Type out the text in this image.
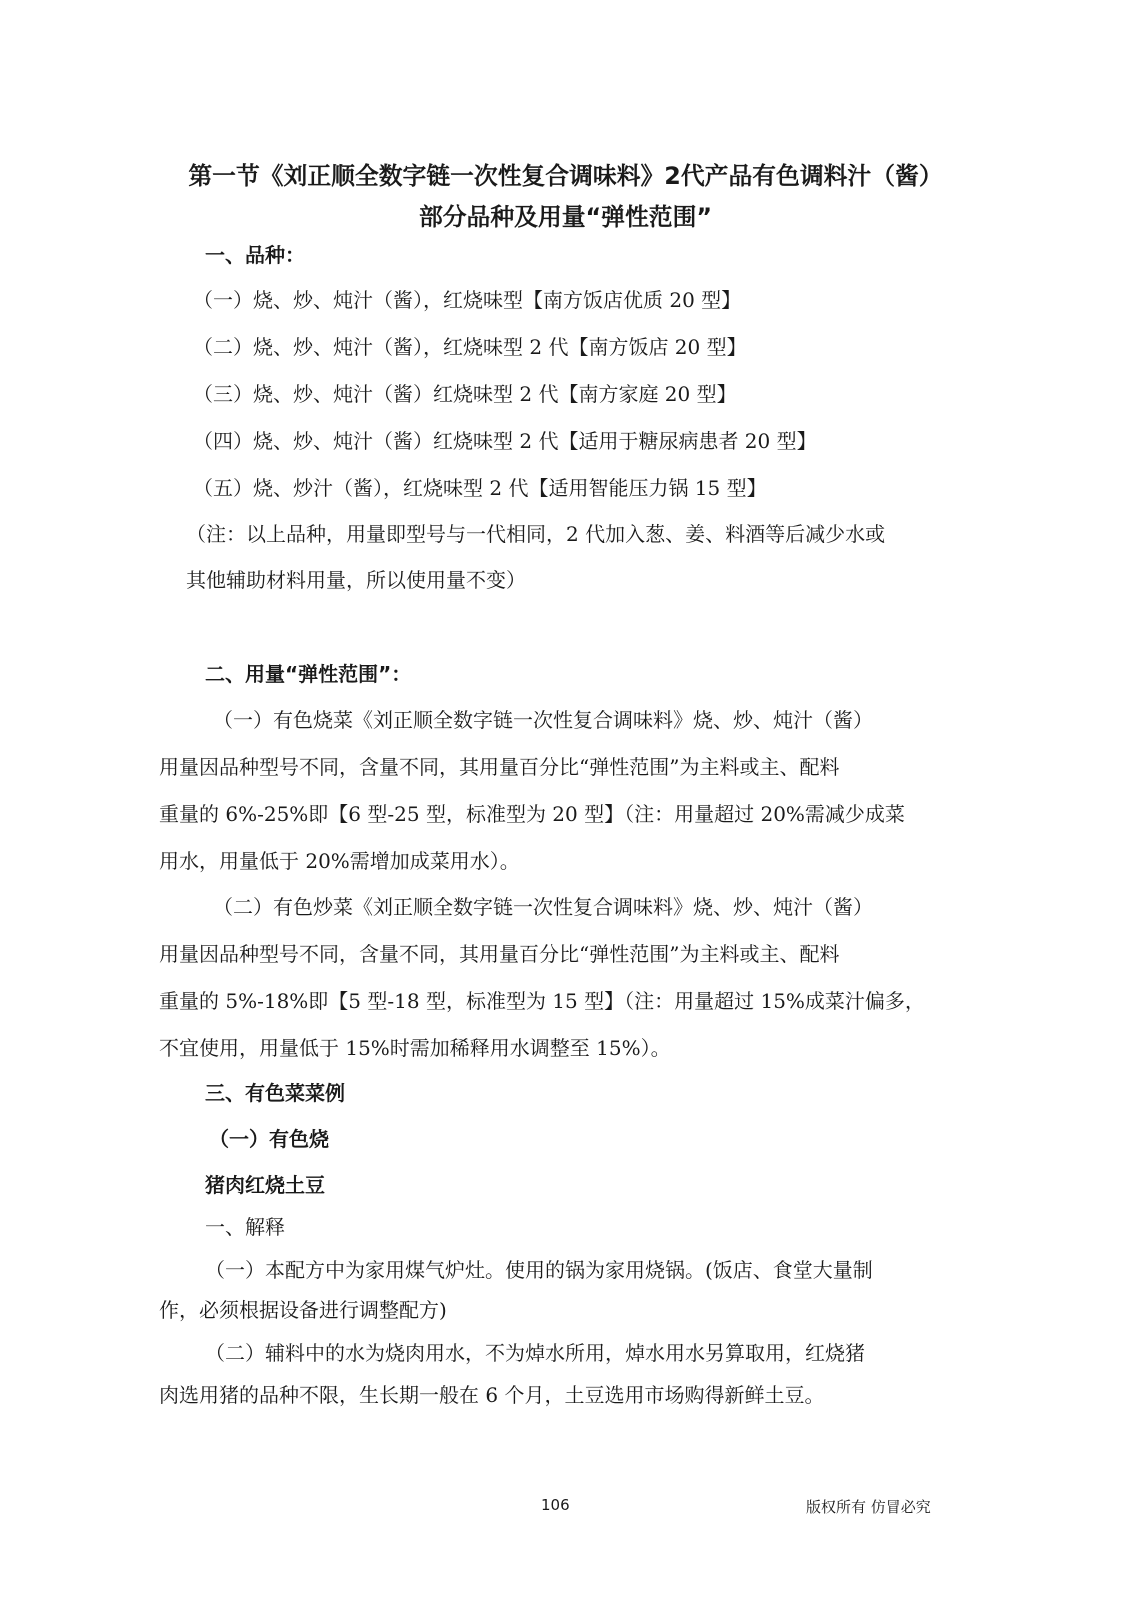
第一节《刘正顺全数字链一次性复合调味料》2代产品有色调料汁（酱）
部分品种及用量“弹性范围”
一、品种：
（一）烧、炒、炖汁（酱），红烧味型【南方饭店优质 20 型】
（二）烧、炒、炖汁（酱），红烧味型 2 代【南方饭店 20 型】
（三）烧、炒、炖汁（酱）红烧味型 2 代【南方家庭 20 型】
（四）烧、炒、炖汁（酱）红烧味型 2 代【适用于糖尿病患者 20 型】
（五）烧、炒汁（酱），红烧味型 2 代【适用智能压力锅 15 型】
（注：以上品种，用量即型号与一代相同，2 代加入葱、姜、料酒等后减少水或
其他辅助材料用量，所以使用量不变）
二、用量“弹性范围”：
（一）有色烧菜《刘正顺全数字链一次性复合调味料》烧、炒、炖汁（酱）
用量因品种型号不同，含量不同，其用量百分比“弹性范围”为主料或主、配料
重量的 6%-25%即【6 型-25 型，标准型为 20 型】（注：用量超过 20%需减少成菜
用水，用量低于 20%需增加成菜用水）。
（二）有色炒菜《刘正顺全数字链一次性复合调味料》烧、炒、炖汁（酱）
用量因品种型号不同，含量不同，其用量百分比“弹性范围”为主料或主、配料
重量的 5%-18%即【5 型-18 型，标准型为 15 型】（注：用量超过 15%成菜汁偏多，
不宜使用，用量低于 15%时需加稀释用水调整至 15%）。
三、有色菜菜例
（一）有色烧
猪肉红烧土豆
一、解释
（一）本配方中为家用煤气炉灶。使用的锅为家用烧锅。(饭店、食堂大量制
作，必须根据设备进行调整配方)
（二）辅料中的水为烧肉用水，不为焯水所用，焯水用水另算取用，红烧猪
肉选用猪的品种不限，生长期一般在 6 个月，土豆选用市场购得新鲜土豆。
106	版权所有 仿冒必究
